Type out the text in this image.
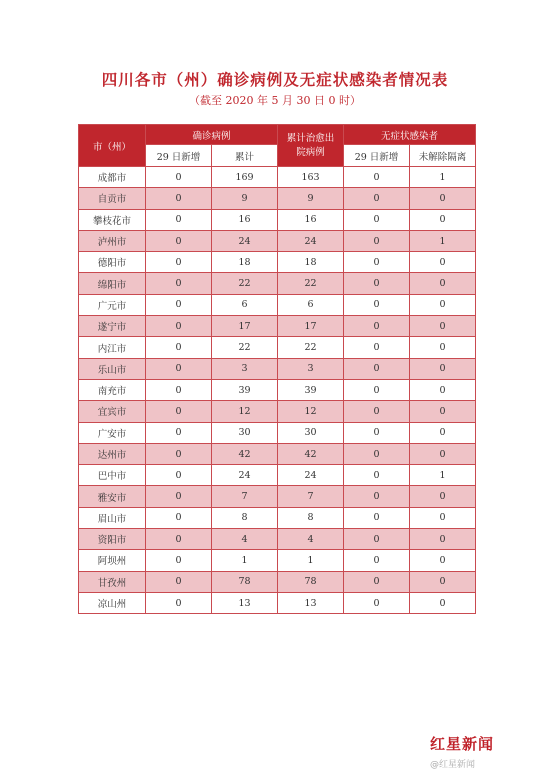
四川各市（州）确诊病例及无症状感染者情况表
（截至 2020 年 5 月 30 日 0 时）
市（州）	确诊病例		累计治愈出院病例	无症状感染者	
	29 日新增	累计		29 日新增	未解除隔离
成都市	0	169	163	0	1
自贡市	0	9	9	0	0
攀枝花市	0	16	16	0	0
泸州市	0	24	24	0	1
德阳市	0	18	18	0	0
绵阳市	0	22	22	0	0
广元市	0	6	6	0	0
遂宁市	0	17	17	0	0
内江市	0	22	22	0	0
乐山市	0	3	3	0	0
南充市	0	39	39	0	0
宜宾市	0	12	12	0	0
广安市	0	30	30	0	0
达州市	0	42	42	0	0
巴中市	0	24	24	0	1
雅安市	0	7	7	0	0
眉山市	0	8	8	0	0
资阳市	0	4	4	0	0
阿坝州	0	1	1	0	0
甘孜州	0	78	78	0	0
凉山州	0	13	13	0	0
红星新闻
@红星新闻
